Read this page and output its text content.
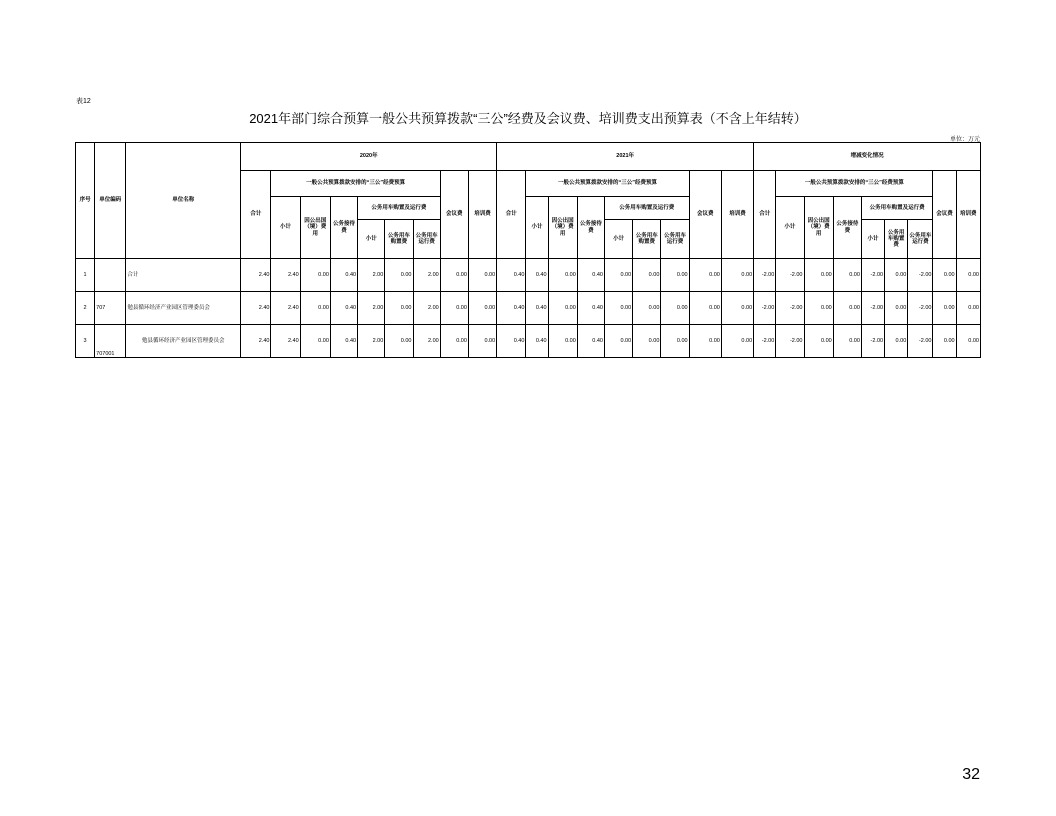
表12
2021年部门综合预算一般公共预算拨款“三公”经费及会议费、培训费支出预算表（不含上年结转）
单位：万元
序号	单位编码	单位名称	2020年									2021年									增减变化情况								
			合计	一般公共预算拨款安排的“三公”经费预算						会议费	培训费	合计	一般公共预算拨款安排的“三公”经费预算						会议费	培训费	合计	一般公共预算拨款安排的“三公”经费预算						会议费	培训费
				小计	因公出国（境）费用	公务接待费	公务用车购置及运行费						小计	因公出国（境）费用	公务接待费	公务用车购置及运行费						小计	因公出国（境）费用	公务接待费	公务用车购置及运行费				
							小计	公务用车购置费	公务用车运行费							小计	公务用车购置费	公务用车运行费							小计	公务用车购置费	公务用车运行费		
1		合计	2.40	2.40	0.00	0.40	2.00	0.00	2.00	0.00	0.00	0.40	0.40	0.00	0.40	0.00	0.00	0.00	0.00	0.00	-2.00	-2.00	0.00	0.00	-2.00	0.00	-2.00	0.00	0.00
2	707	勉县循环经济产业园区管理委员会	2.40	2.40	0.00	0.40	2.00	0.00	2.00	0.00	0.00	0.40	0.40	0.00	0.40	0.00	0.00	0.00	0.00	0.00	-2.00	-2.00	0.00	0.00	-2.00	0.00	-2.00	0.00	0.00
3	707001	勉县循环经济产业园区管理委员会	2.40	2.40	0.00	0.40	2.00	0.00	2.00	0.00	0.00	0.40	0.40	0.00	0.40	0.00	0.00	0.00	0.00	0.00	-2.00	-2.00	0.00	0.00	-2.00	0.00	-2.00	0.00	0.00
32
